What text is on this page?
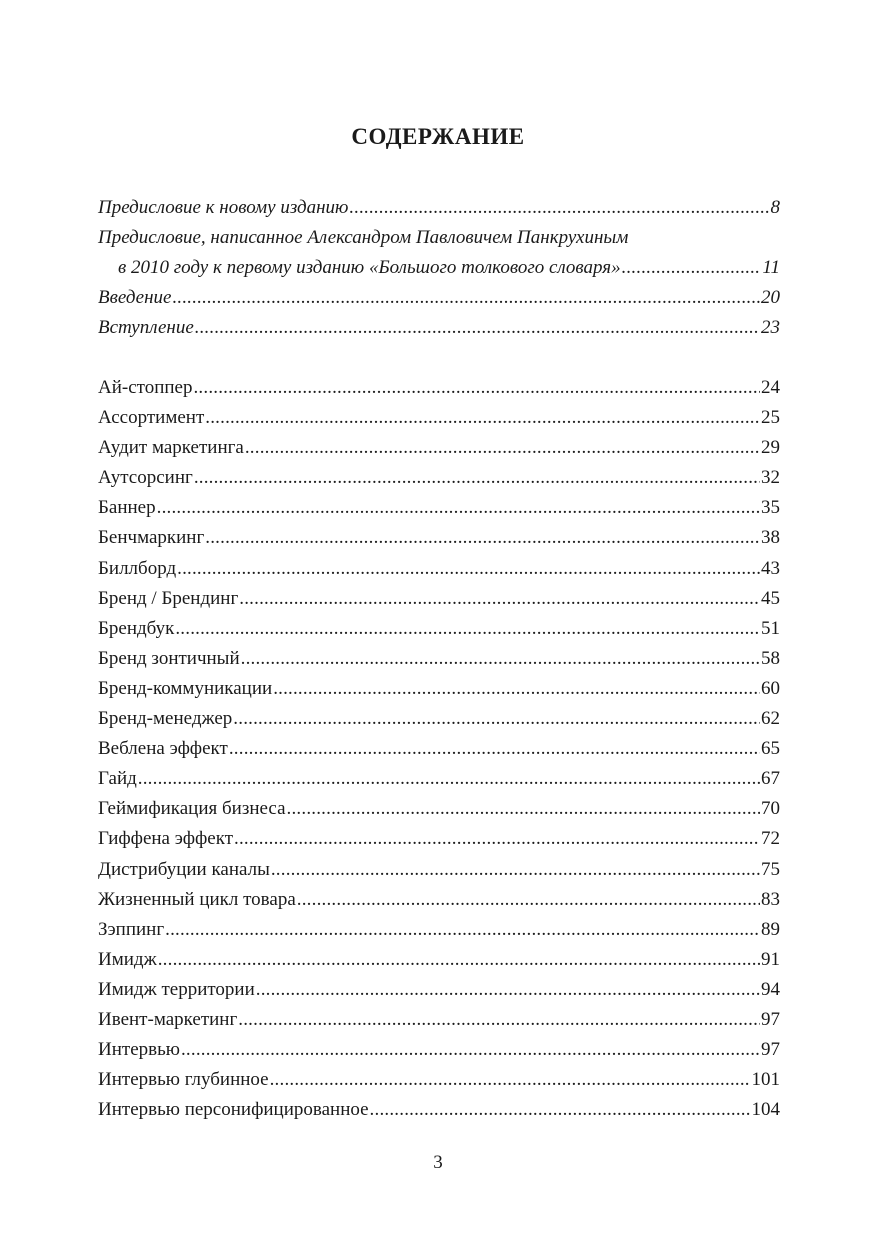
СОДЕРЖАНИЕ
Предисловие к новому изданию .....	8
Предисловие, написанное Александром Павловичем Панкрухиным
в 2010 году к первому изданию «Большого толкового словаря» .....	11
Введение .....	20
Вступление .....	23
Ай-стоппер .....	24
Ассортимент .....	25
Аудит маркетинга .....	29
Аутсорсинг .....	32
Баннер .....	35
Бенчмаркинг .....	38
Биллборд .....	43
Бренд / Брендинг .....	45
Брендбук .....	51
Бренд зонтичный .....	58
Бренд-коммуникации .....	60
Бренд-менеджер .....	62
Веблена эффект .....	65
Гайд .....	67
Геймификация бизнеса .....	70
Гиффена эффект .....	72
Дистрибуции каналы .....	75
Жизненный цикл товара .....	83
Зэппинг .....	89
Имидж .....	91
Имидж территории .....	94
Ивент-маркетинг .....	97
Интервью .....	97
Интервью глубинное .....	101
Интервью персонифицированное .....	104
3
